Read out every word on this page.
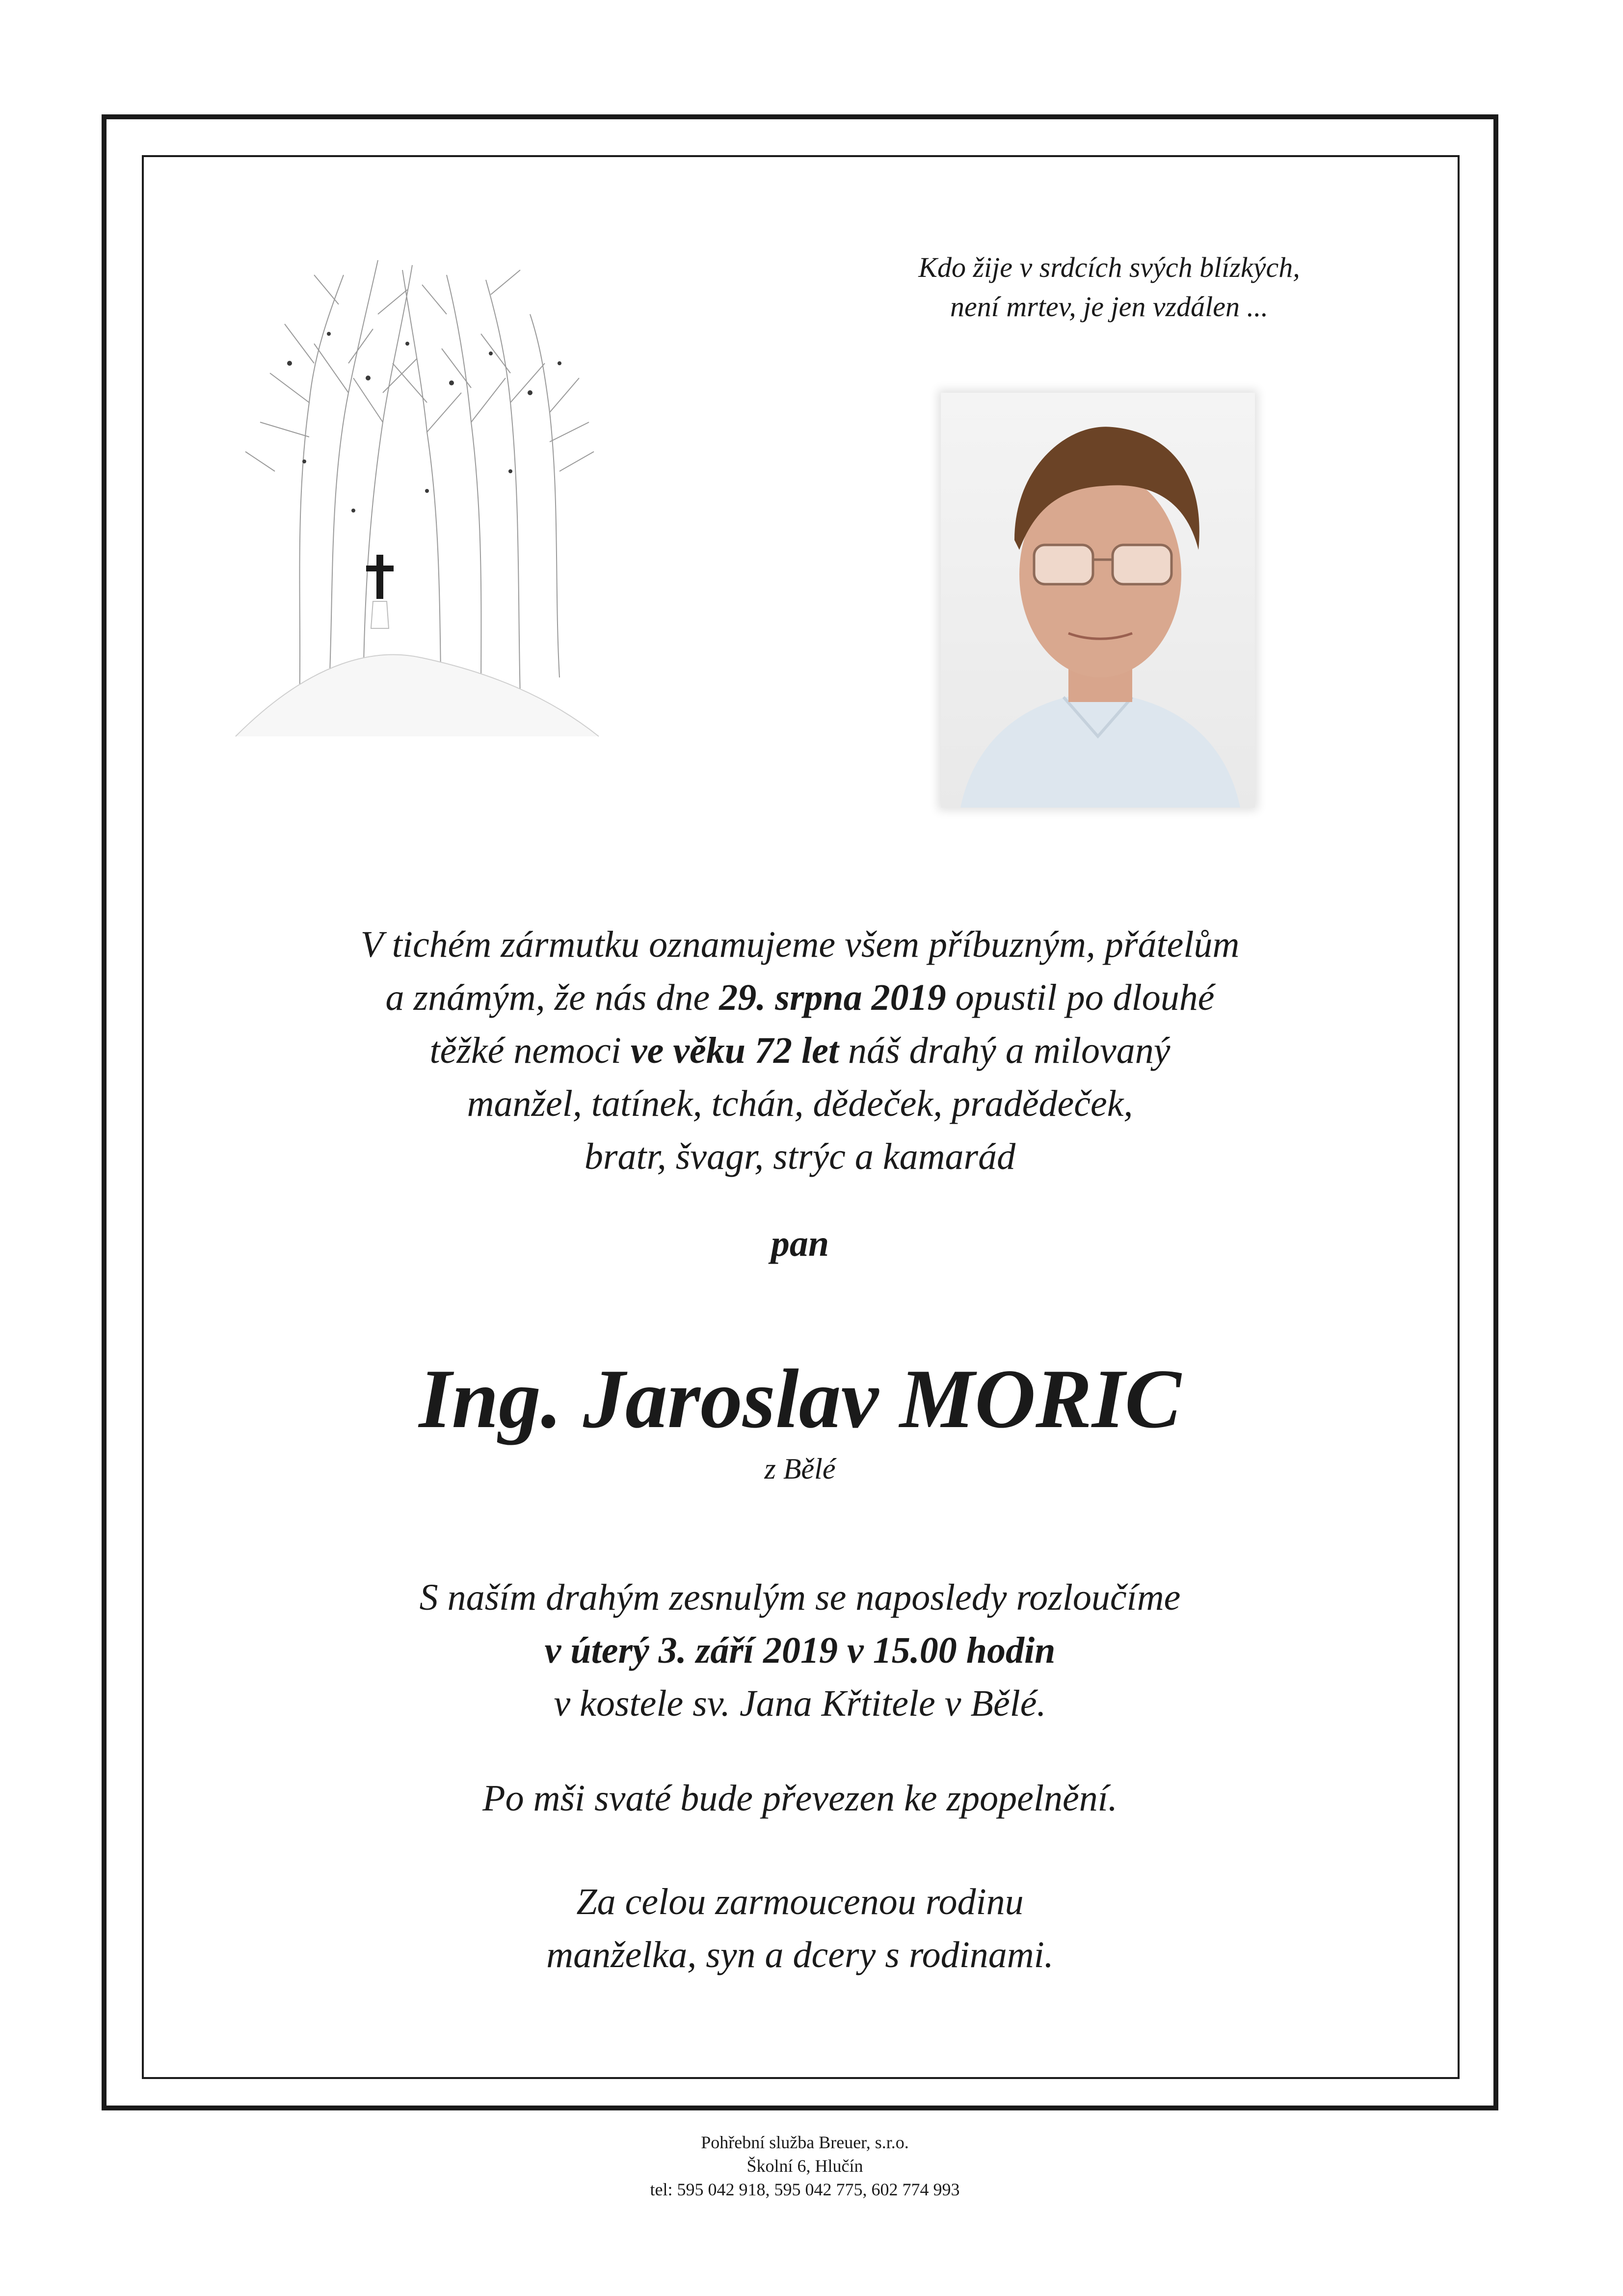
Kdo žije v srdcích svých blízkých,
není mrtev, je jen vzdálen ...
V tichém zármutku oznamujeme všem příbuzným, přátelům
a známým, že nás dne 29. srpna 2019 opustil po dlouhé
těžké nemoci ve věku 72 let náš drahý a milovaný
manžel, tatínek, tchán, dědeček, pradědeček,
bratr, švagr, strýc a kamarád
pan
Ing. Jaroslav MORIC
z Bělé
S naším drahým zesnulým se naposledy rozloučíme
v úterý 3. září 2019 v 15.00 hodin
v kostele sv. Jana Křtitele v Bělé.
Po mši svaté bude převezen ke zpopelnění.
Za celou zarmoucenou rodinu
manželka, syn a dcery s rodinami.
Pohřební služba Breuer, s.r.o.
Školní 6, Hlučín
tel: 595 042 918, 595 042 775, 602 774 993
